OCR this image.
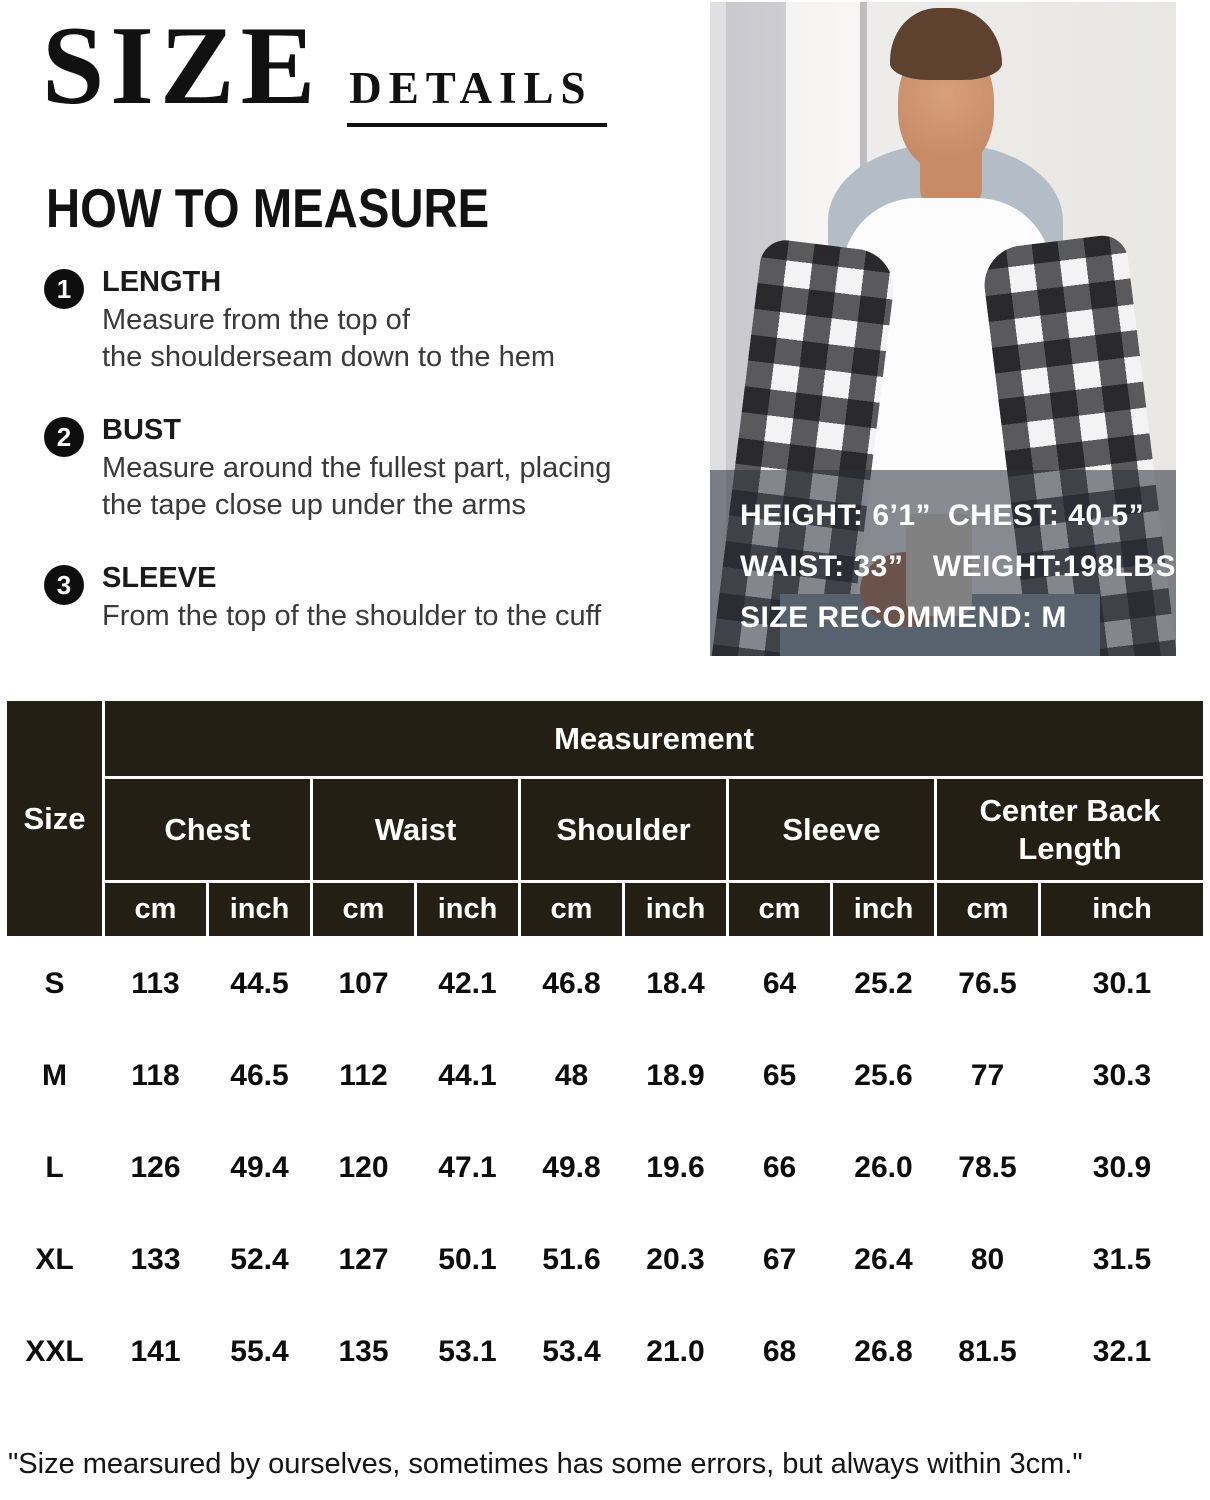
SIZE DETAILS
HOW TO MEASURE
1	LENGTH
Measure from the top of
the shoulderseam down to the hem
2	BUST
Measure around the fullest part, placing
the tape close up under the arms
3	SLEEVE
From the top of the shoulder to the cuff
HEIGHT: 6’1” CHEST: 40.5”
WAIST: 33” WEIGHT:198LBS
SIZE RECOMMEND: M
Size	Measurement									
	Chest		Waist		Shoulder		Sleeve		Center Back Length	
	cm	inch	cm	inch	cm	inch	cm	inch	cm	inch
S	113	44.5	107	42.1	46.8	18.4	64	25.2	76.5	30.1
M	118	46.5	112	44.1	48	18.9	65	25.6	77	30.3
L	126	49.4	120	47.1	49.8	19.6	66	26.0	78.5	30.9
XL	133	52.4	127	50.1	51.6	20.3	67	26.4	80	31.5
XXL	141	55.4	135	53.1	53.4	21.0	68	26.8	81.5	32.1
"Size mearsured by ourselves, sometimes has some errors, but always within 3cm."
